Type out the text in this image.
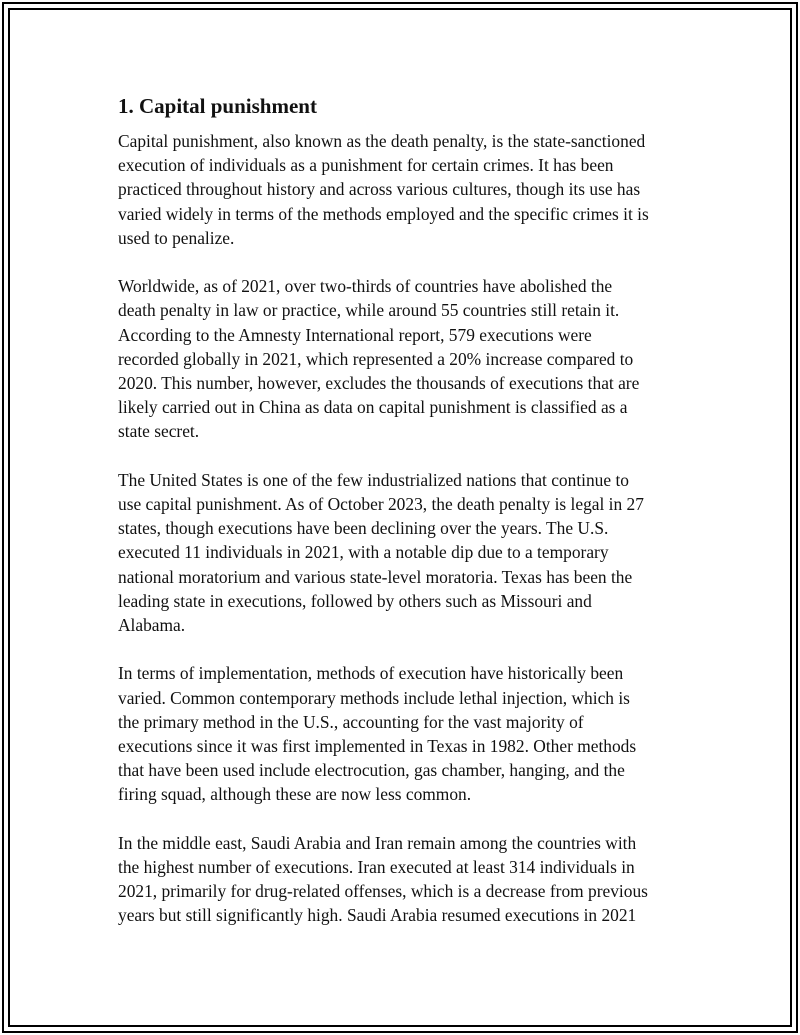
1. Capital punishment

Capital punishment, also known as the death penalty, is the state-sanctioned
execution of individuals as a punishment for certain crimes. It has been
practiced throughout history and across various cultures, though its use has
varied widely in terms of the methods employed and the specific crimes it is
used to penalize.

Worldwide, as of 2021, over two-thirds of countries have abolished the
death penalty in law or practice, while around 55 countries still retain it.
According to the Amnesty International report, 579 executions were
recorded globally in 2021, which represented a 20% increase compared to
2020. This number, however, excludes the thousands of executions that are
likely carried out in China as data on capital punishment is classified as a
state secret.

The United States is one of the few industrialized nations that continue to
use capital punishment. As of October 2023, the death penalty is legal in 27
states, though executions have been declining over the years. The U.S.
executed 11 individuals in 2021, with a notable dip due to a temporary
national moratorium and various state-level moratoria. Texas has been the
leading state in executions, followed by others such as Missouri and
Alabama.

In terms of implementation, methods of execution have historically been
varied. Common contemporary methods include lethal injection, which is
the primary method in the U.S., accounting for the vast majority of
executions since it was first implemented in Texas in 1982. Other methods
that have been used include electrocution, gas chamber, hanging, and the
firing squad, although these are now less common.

In the middle east, Saudi Arabia and Iran remain among the countries with
the highest number of executions. Iran executed at least 314 individuals in
2021, primarily for drug-related offenses, which is a decrease from previous
years but still significantly high. Saudi Arabia resumed executions in 2021
